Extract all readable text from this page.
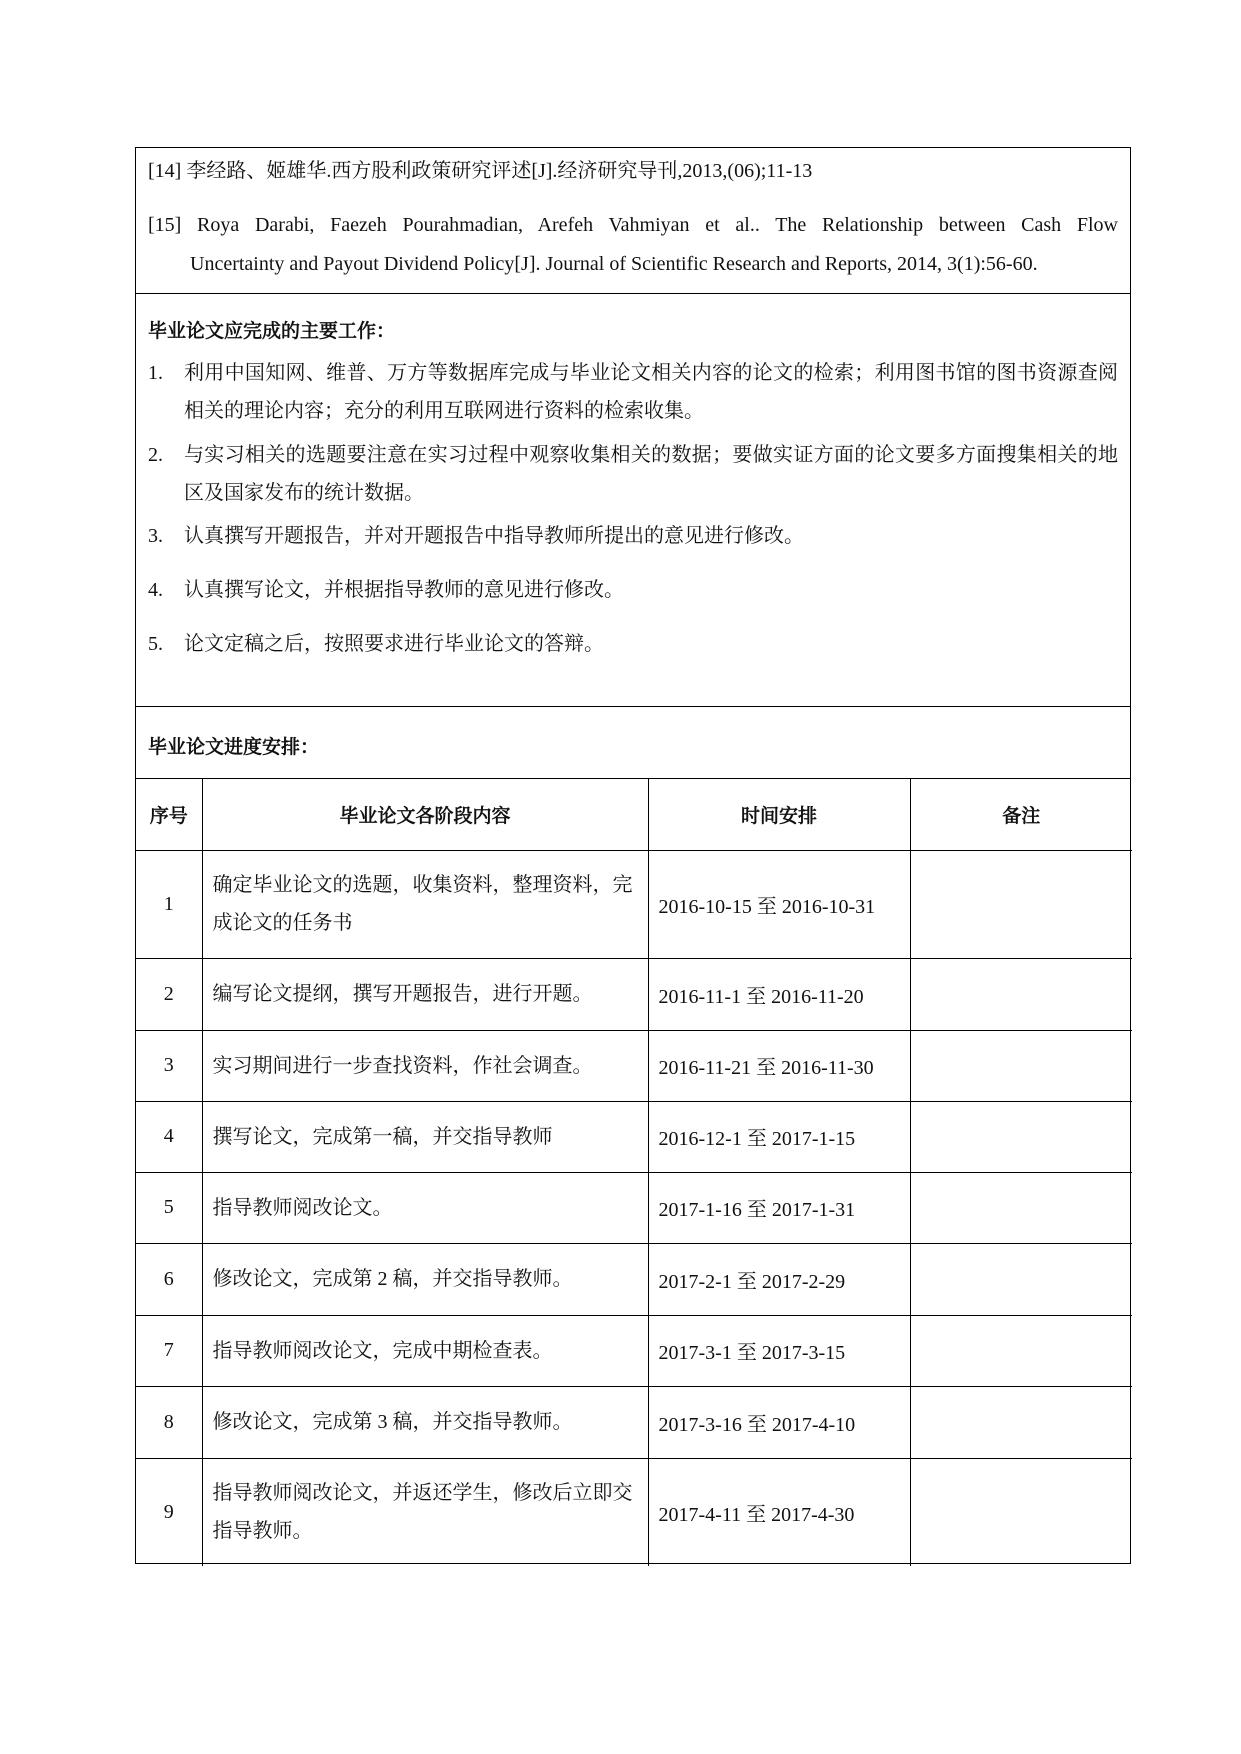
[14] 李经路、姬雄华.西方股利政策研究评述[J].经济研究导刊,2013,(06);11-13
[15] Roya Darabi, Faezeh Pourahmadian, Arefeh Vahmiyan et al.. The Relationship between Cash Flow
Uncertainty and Payout Dividend Policy[J]. Journal of Scientific Research and Reports, 2014, 3(1):56-60.
毕业论文应完成的主要工作：
1.	利用中国知网、维普、万方等数据库完成与毕业论文相关内容的论文的检索；利用图书馆的图书资源查阅相关的理论内容；充分的利用互联网进行资料的检索收集。
2.	与实习相关的选题要注意在实习过程中观察收集相关的数据；要做实证方面的论文要多方面搜集相关的地区及国家发布的统计数据。
3.	认真撰写开题报告，并对开题报告中指导教师所提出的意见进行修改。
4.	认真撰写论文，并根据指导教师的意见进行修改。
5.	论文定稿之后，按照要求进行毕业论文的答辩。
毕业论文进度安排：
序号	毕业论文各阶段内容	时间安排	备注
1	确定毕业论文的选题，收集资料，整理资料，完成论文的任务书	2016-10-15 至 2016-10-31	
2	编写论文提纲，撰写开题报告，进行开题。	2016-11-1 至 2016-11-20	
3	实习期间进行一步查找资料，作社会调查。	2016-11-21 至 2016-11-30	
4	撰写论文，完成第一稿，并交指导教师	2016-12-1 至 2017-1-15	
5	指导教师阅改论文。	2017-1-16 至 2017-1-31	
6	修改论文，完成第 2 稿，并交指导教师。	2017-2-1 至 2017-2-29	
7	指导教师阅改论文，完成中期检查表。	2017-3-1 至 2017-3-15	
8	修改论文，完成第 3 稿，并交指导教师。	2017-3-16 至 2017-4-10	
9	指导教师阅改论文，并返还学生，修改后立即交指导教师。	2017-4-11 至 2017-4-30	
